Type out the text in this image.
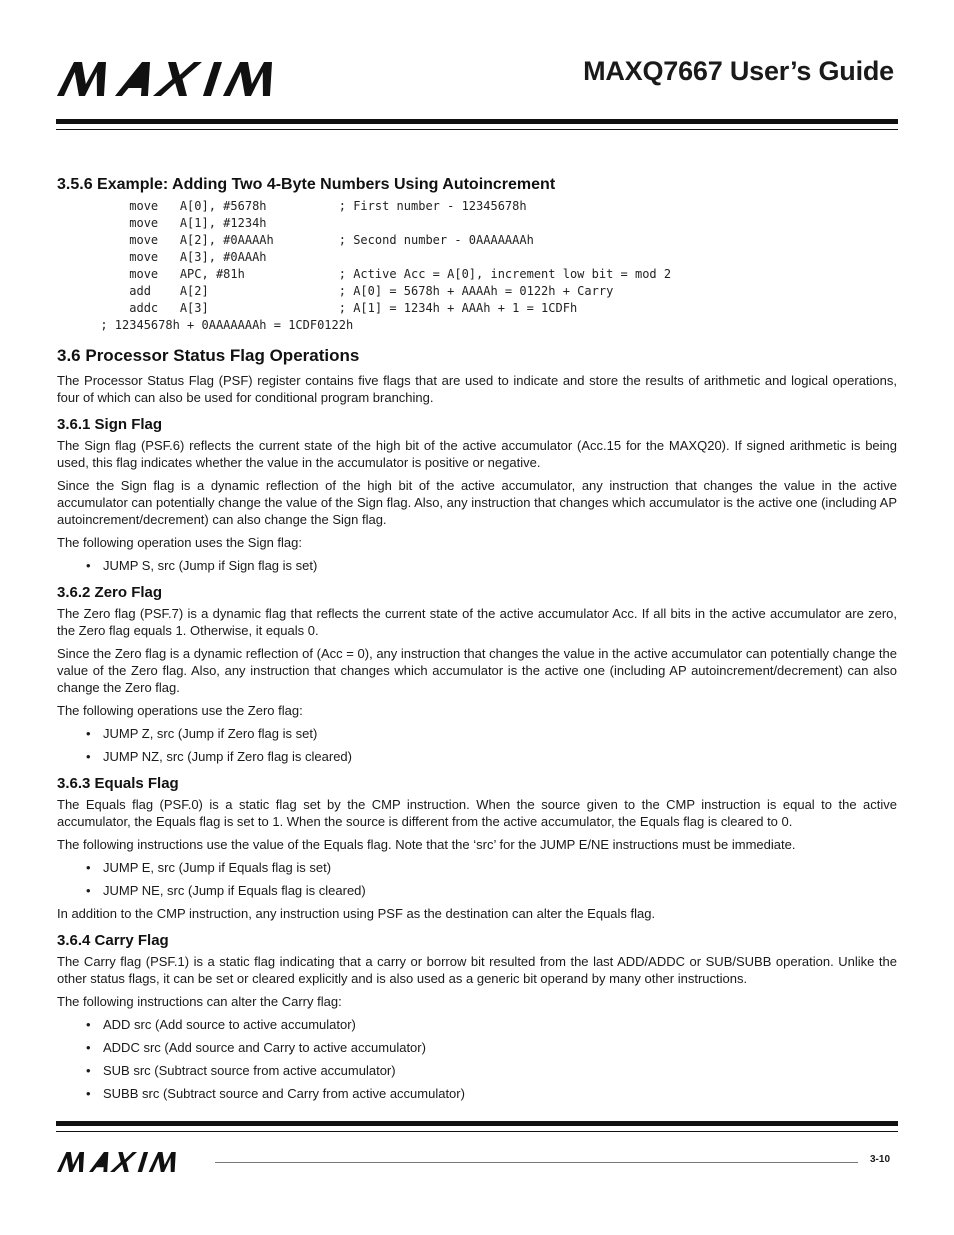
MAXQ7667 User’s Guide
3.5.6 Example: Adding Two 4-Byte Numbers Using Autoincrement
move   A[0], #5678h          ; First number - 12345678h
move   A[1], #1234h
move   A[2], #0AAAAh         ; Second number - 0AAAAAAAh
move   A[3], #0AAAh
move   APC, #81h             ; Active Acc = A[0], increment low bit = mod 2
add    A[2]                  ; A[0] = 5678h + AAAAh = 0122h + Carry
addc   A[3]                  ; A[1] = 1234h + AAAh + 1 = 1CDFh
; 12345678h + 0AAAAAAAh = 1CDF0122h
3.6 Processor Status Flag Operations

The Processor Status Flag (PSF) register contains five flags that are used to indicate and store the results of arithmetic and logical operations, four of which can also be used for conditional program branching.

3.6.1 Sign Flag

The Sign flag (PSF.6) reflects the current state of the high bit of the active accumulator (Acc.15 for the MAXQ20). If signed arithmetic is being used, this flag indicates whether the value in the accumulator is positive or negative.

Since the Sign flag is a dynamic reflection of the high bit of the active accumulator, any instruction that changes the value in the active accumulator can potentially change the value of the Sign flag. Also, any instruction that changes which accumulator is the active one (including AP autoincrement/decrement) can also change the Sign flag.

The following operation uses the Sign flag:

• JUMP S, src (Jump if Sign flag is set)
3.6.2 Zero Flag

The Zero flag (PSF.7) is a dynamic flag that reflects the current state of the active accumulator Acc. If all bits in the active accumulator are zero, the Zero flag equals 1. Otherwise, it equals 0.

Since the Zero flag is a dynamic reflection of (Acc = 0), any instruction that changes the value in the active accumulator can potentially change the value of the Zero flag. Also, any instruction that changes which accumulator is the active one (including AP autoincrement/decrement) can also change the Zero flag.

The following operations use the Zero flag:

• JUMP Z, src (Jump if Zero flag is set)
• JUMP NZ, src (Jump if Zero flag is cleared)
3.6.3 Equals Flag

The Equals flag (PSF.0) is a static flag set by the CMP instruction. When the source given to the CMP instruction is equal to the active accumulator, the Equals flag is set to 1. When the source is different from the active accumulator, the Equals flag is cleared to 0.

The following instructions use the value of the Equals flag. Note that the ‘src’ for the JUMP E/NE instructions must be immediate.

• JUMP E, src (Jump if Equals flag is set)
• JUMP NE, src (Jump if Equals flag is cleared)

In addition to the CMP instruction, any instruction using PSF as the destination can alter the Equals flag.

3.6.4 Carry Flag

The Carry flag (PSF.1) is a static flag indicating that a carry or borrow bit resulted from the last ADD/ADDC or SUB/SUBB operation. Unlike the other status flags, it can be set or cleared explicitly and is also used as a generic bit operand by many other instructions.

The following instructions can alter the Carry flag:

• ADD src (Add source to active accumulator)
• ADDC src (Add source and Carry to active accumulator)
• SUB src (Subtract source from active accumulator)
• SUBB src (Subtract source and Carry from active accumulator)
3-10
